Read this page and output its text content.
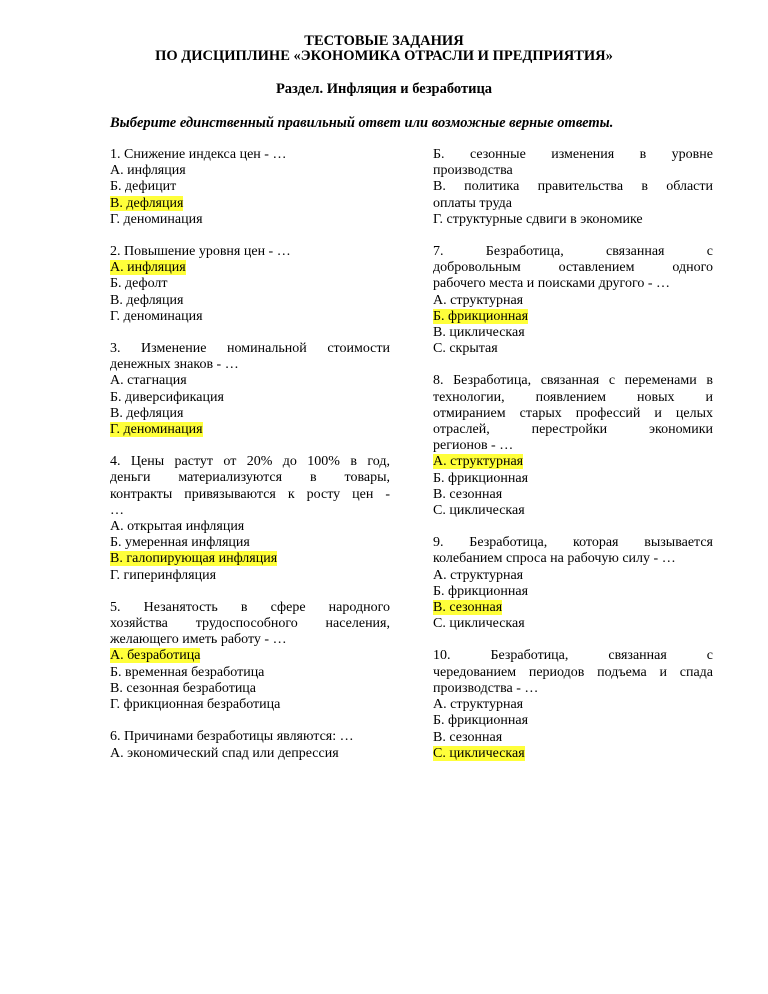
ТЕСТОВЫЕ ЗАДАНИЯ
ПО ДИСЦИПЛИНЕ «ЭКОНОМИКА ОТРАСЛИ И ПРЕДПРИЯТИЯ»
Раздел. Инфляция и безработица
Выберите единственный правильный ответ или возможные верные ответы.
1. Снижение индекса цен - …
А. инфляция
Б. дефицит
В. дефляция
Г. деноминация
2. Повышение уровня цен - …
А. инфляция
Б. дефолт
В. дефляция
Г. деноминация
3. Изменение номинальной стоимости
денежных знаков - …
А. стагнация
Б. диверсификация
В. дефляция
Г. деноминация
4. Цены растут от 20% до 100% в год,
деньги материализуются в товары,
контракты привязываются к росту цен -
…
А. открытая инфляция
Б. умеренная инфляция
В. галопирующая инфляция
Г. гиперинфляция
5. Незанятость в сфере народного
хозяйства трудоспособного населения,
желающего иметь работу - …
А. безработица
Б. временная безработица
В. сезонная безработица
Г. фрикционная безработица
6. Причинами безработицы являются: …
А. экономический спад или депрессия
Б. сезонные изменения в уровне
производства
В. политика правительства в области
оплаты труда
Г. структурные сдвиги в экономике
7. Безработица, связанная с
добровольным оставлением одного
рабочего места и поисками другого - …
А. структурная
Б. фрикционная
В. циклическая
С. скрытая
8. Безработица, связанная с переменами в
технологии, появлением новых и
отмиранием старых профессий и целых
отраслей, перестройки экономики
регионов - …
А. структурная
Б. фрикционная
В. сезонная
С. циклическая
9. Безработица, которая вызывается
колебанием спроса на рабочую силу - …
А. структурная
Б. фрикционная
В. сезонная
С. циклическая
10. Безработица, связанная с
чередованием периодов подъема и спада
производства - …
А. структурная
Б. фрикционная
В. сезонная
С. циклическая
